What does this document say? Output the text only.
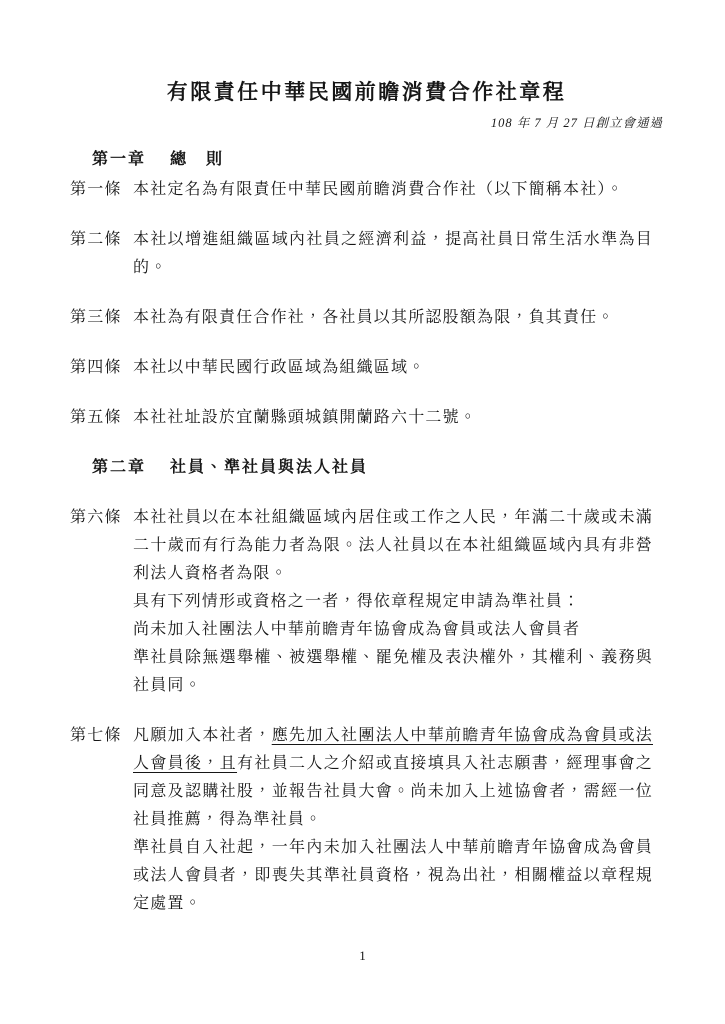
有限責任中華民國前瞻消費合作社章程
108 年 7 月 27 日創立會通過
第一章 總　則
第一條 本社定名為有限責任中華民國前瞻消費合作社（以下簡稱本社）。
第二條 本社以增進組織區域內社員之經濟利益，提高社員日常生活水準為目的。
第三條 本社為有限責任合作社，各社員以其所認股額為限，負其責任。
第四條 本社以中華民國行政區域為組織區域。
第五條 本社社址設於宜蘭縣頭城鎮開蘭路六十二號。
第二章 社員、準社員與法人社員
第六條 本社社員以在本社組織區域內居住或工作之人民，年滿二十歲或未滿二十歲而有行為能力者為限。法人社員以在本社組織區域內具有非營利法人資格者為限。
具有下列情形或資格之一者，得依章程規定申請為準社員：
尚未加入社團法人中華前瞻青年協會成為會員或法人會員者
準社員除無選舉權、被選舉權、罷免權及表決權外，其權利、義務與社員同。
第七條 凡願加入本社者，應先加入社團法人中華前瞻青年協會成為會員或法人會員後，且有社員二人之介紹或直接填具入社志願書，經理事會之同意及認購社股，並報告社員大會。尚未加入上述協會者，需經一位社員推薦，得為準社員。
準社員自入社起，一年內未加入社團法人中華前瞻青年協會成為會員或法人會員者，即喪失其準社員資格，視為出社，相關權益以章程規定處置。
1
